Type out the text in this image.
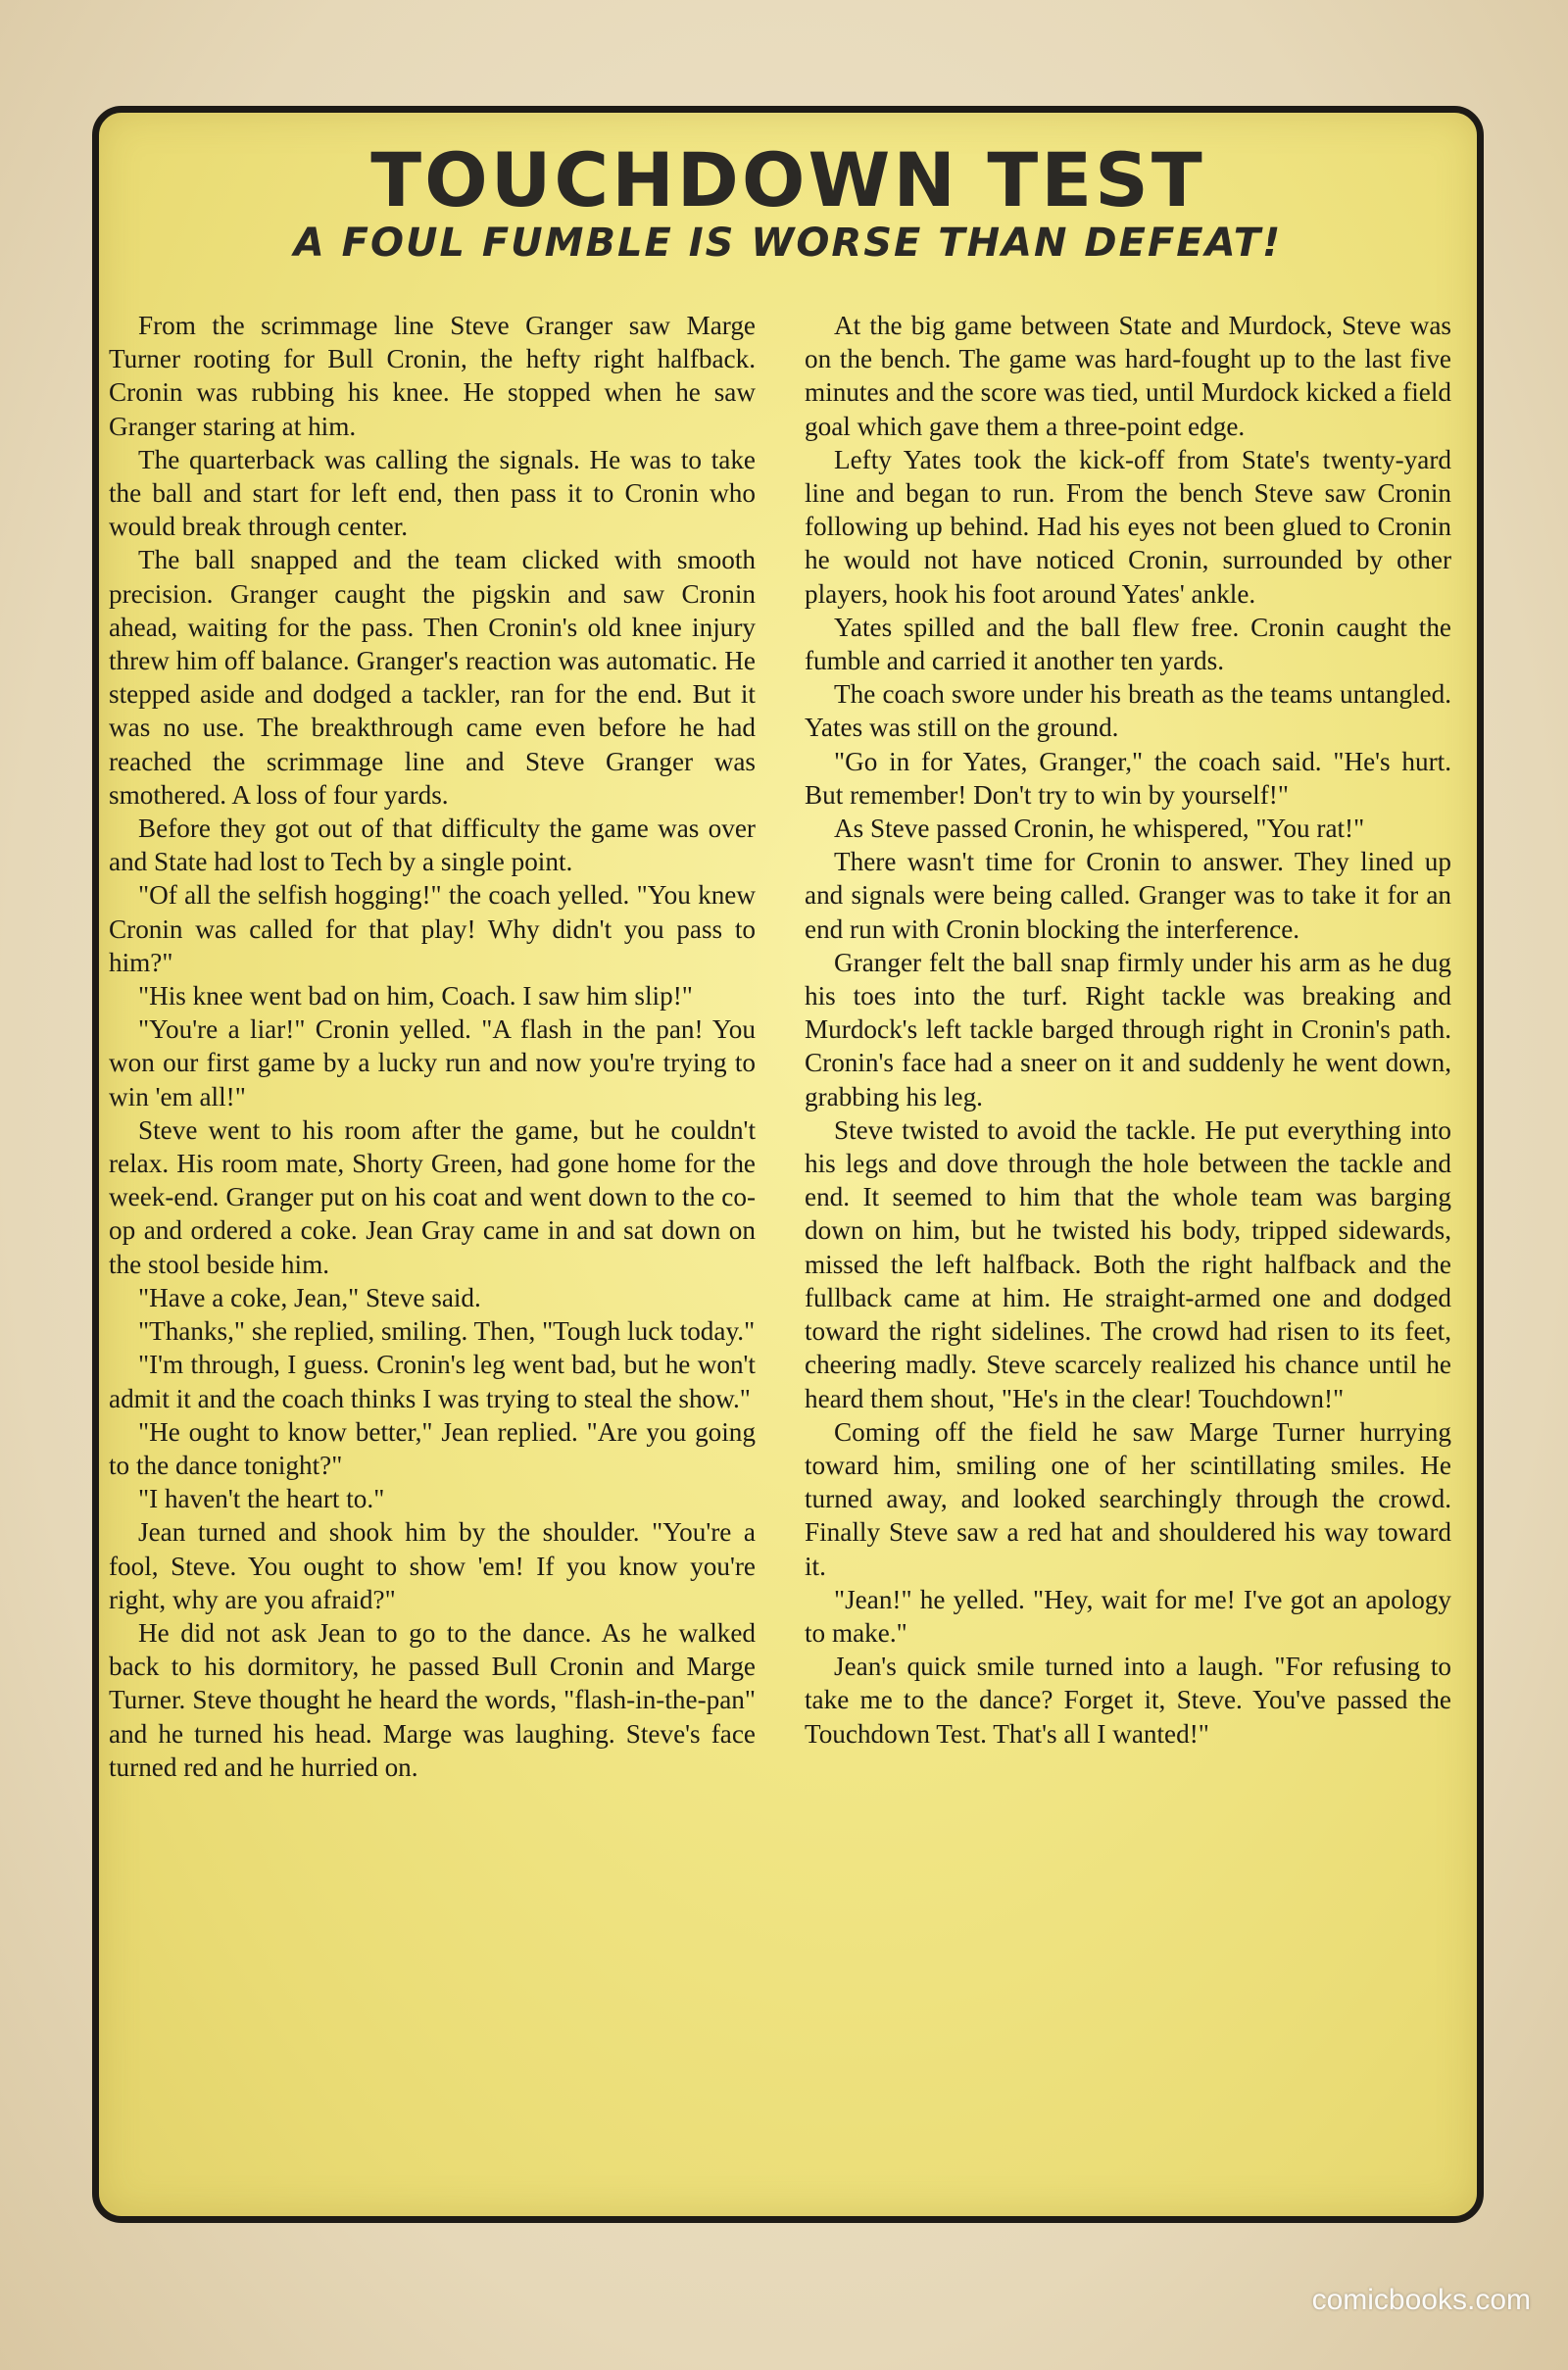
TOUCHDOWN TEST
A FOUL FUMBLE IS WORSE THAN DEFEAT!

From the scrimmage line Steve Granger saw Marge Turner rooting for Bull Cronin, the hefty right halfback. Cronin was rubbing his knee. He stopped when he saw Granger staring at him.

The quarterback was calling the signals. He was to take the ball and start for left end, then pass it to Cronin who would break through center.

The ball snapped and the team clicked with smooth precision. Granger caught the pigskin and saw Cronin ahead, waiting for the pass. Then Cronin's old knee injury threw him off balance. Granger's reaction was automatic. He stepped aside and dodged a tackler, ran for the end. But it was no use. The breakthrough came even before he had reached the scrimmage line and Steve Granger was smothered. A loss of four yards.

Before they got out of that difficulty the game was over and State had lost to Tech by a single point.

"Of all the selfish hogging!" the coach yelled. "You knew Cronin was called for that play! Why didn't you pass to him?"

"His knee went bad on him, Coach. I saw him slip!"

"You're a liar!" Cronin yelled. "A flash in the pan! You won our first game by a lucky run and now you're trying to win 'em all!"

Steve went to his room after the game, but he couldn't relax. His room mate, Shorty Green, had gone home for the week-end. Granger put on his coat and went down to the co-op and ordered a coke. Jean Gray came in and sat down on the stool beside him.

"Have a coke, Jean," Steve said.

"Thanks," she replied, smiling. Then, "Tough luck today."

"I'm through, I guess. Cronin's leg went bad, but he won't admit it and the coach thinks I was trying to steal the show."

"He ought to know better," Jean replied. "Are you going to the dance tonight?"

"I haven't the heart to."

Jean turned and shook him by the shoulder. "You're a fool, Steve. You ought to show 'em! If you know you're right, why are you afraid?"

He did not ask Jean to go to the dance. As he walked back to his dormitory, he passed Bull Cronin and Marge Turner. Steve thought he heard the words, "flash-in-the-pan" and he turned his head. Marge was laughing. Steve's face turned red and he hurried on.

At the big game between State and Murdock, Steve was on the bench. The game was hard-fought up to the last five minutes and the score was tied, until Murdock kicked a field goal which gave them a three-point edge.

Lefty Yates took the kick-off from State's twenty-yard line and began to run. From the bench Steve saw Cronin following up behind. Had his eyes not been glued to Cronin he would not have noticed Cronin, surrounded by other players, hook his foot around Yates' ankle.

Yates spilled and the ball flew free. Cronin caught the fumble and carried it another ten yards.

The coach swore under his breath as the teams untangled. Yates was still on the ground.

"Go in for Yates, Granger," the coach said. "He's hurt. But remember! Don't try to win by yourself!"

As Steve passed Cronin, he whispered, "You rat!"

There wasn't time for Cronin to answer. They lined up and signals were being called. Granger was to take it for an end run with Cronin blocking the interference.

Granger felt the ball snap firmly under his arm as he dug his toes into the turf. Right tackle was breaking and Murdock's left tackle barged through right in Cronin's path. Cronin's face had a sneer on it and suddenly he went down, grabbing his leg.

Steve twisted to avoid the tackle. He put everything into his legs and dove through the hole between the tackle and end. It seemed to him that the whole team was barging down on him, but he twisted his body, tripped sidewards, missed the left halfback. Both the right halfback and the fullback came at him. He straight-armed one and dodged toward the right sidelines. The crowd had risen to its feet, cheering madly. Steve scarcely realized his chance until he heard them shout, "He's in the clear! Touchdown!"

Coming off the field he saw Marge Turner hurrying toward him, smiling one of her scintillating smiles. He turned away, and looked searchingly through the crowd. Finally Steve saw a red hat and shouldered his way toward it.

"Jean!" he yelled. "Hey, wait for me! I've got an apology to make."

Jean's quick smile turned into a laugh. "For refusing to take me to the dance? Forget it, Steve. You've passed the Touchdown Test. That's all I wanted!"

comicbooks.com
